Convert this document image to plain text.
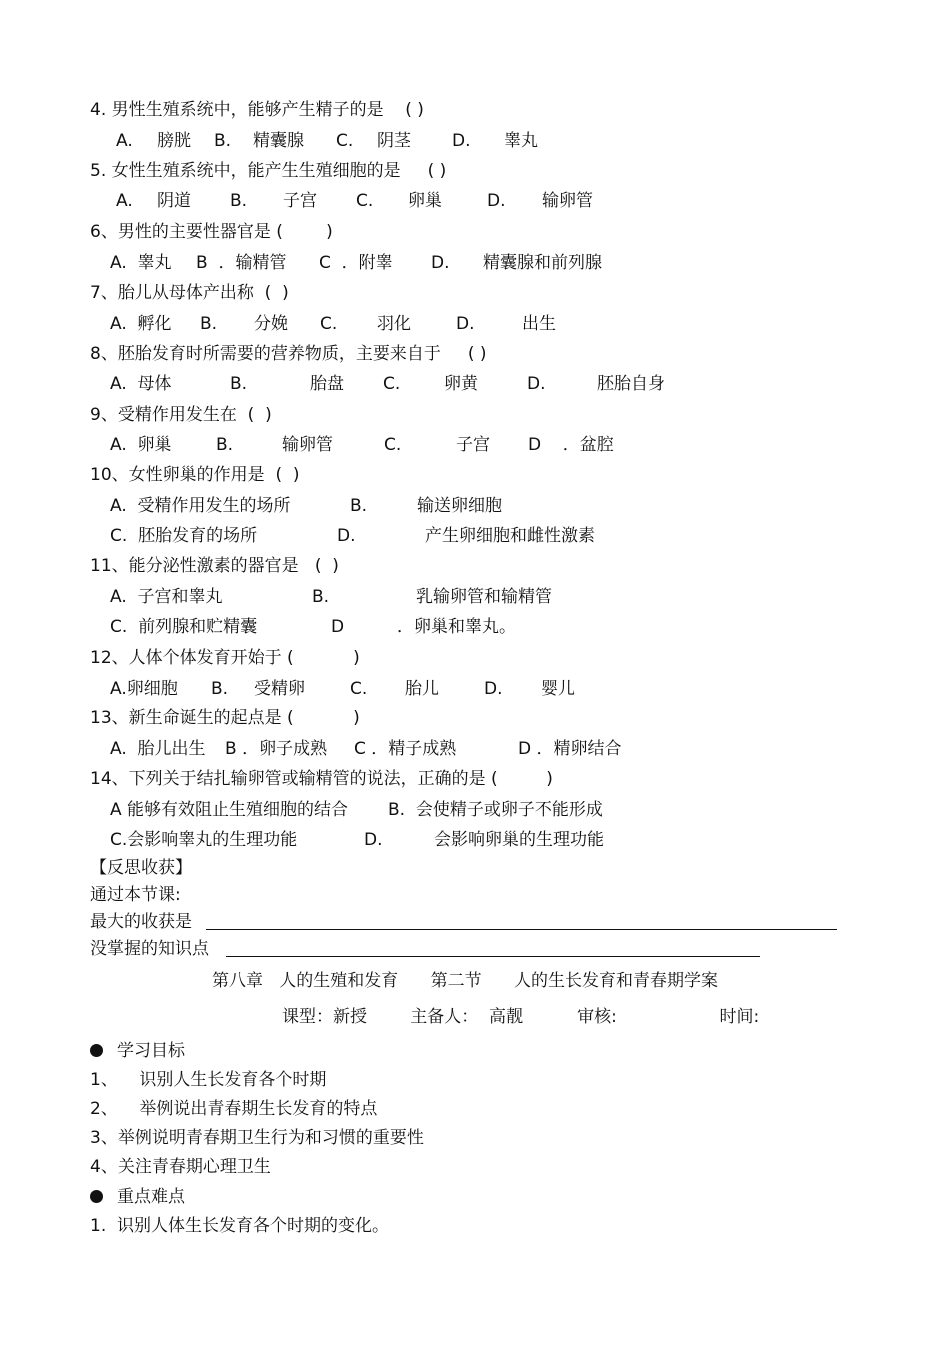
4. 男性生殖系统中，能够产生精子的是    ( )
A. 膀胱 B. 精囊腺 C. 阴茎 D. 睾丸
5. 女性生殖系统中，能产生生殖细胞的是     ( )
A. 阴道 B. 子宫 C. 卵巢	D. 输卵管
6、男性的主要性器官是 (        )
A.  睾丸 B  ．输精管 C  ．附睾 D. 精囊腺和前列腺
7、胎儿从母体产出称  (  )
A.  孵化 B. 分娩 C. 羽化	D.	出生
8、胚胎发育时所需要的营养物质，主要来自于     ( )
A.  母体	B.	胎盘 C.	卵黄	D.	胚胎自身
9、受精作用发生在  (  )
A.  卵巢	B.	输卵管	C.	子宫 D    ．盆腔
10、女性卵巢的作用是  (  )
A.  受精作用发生的场所	B.	输送卵细胞
C.  胚胎发育的场所	D.	产生卵细胞和雌性激素
11、能分泌性激素的器官是   (  )
A.  子宫和睾丸	B.	乳输卵管和输精管
C.  前列腺和贮精囊	D	．卵巢和睾丸。
12、人体个体发育开始于 (           )
A.卵细胞 B. 受精卵	C. 胎儿	D. 婴儿
13、新生命诞生的起点是 (           )
A.  胎儿出生 B ．卵子成熟 C ．精子成熟	D ．精卵结合
14、下列关于结扎输卵管或输精管的说法，正确的是 (         )
A 能够有效阻止生殖细胞的结合 B.  会使精子或卵子不能形成
C.会影响睾丸的生理功能	D.	会影响卵巢的生理功能
【反思收获】
通过本节课:
最大的收获是
没掌握的知识点
第八章   人的生殖和发育      第二节      人的生长发育和青春期学案
课型：新授        主备人：  高靓          审核:                   时间:
学习目标
1、    识别人生长发育各个时期
2、    举例说出青春期生长发育的特点
3、举例说明青春期卫生行为和习惯的重要性
4、关注青春期心理卫生
重点难点
1.  识别人体生长发育各个时期的变化。
